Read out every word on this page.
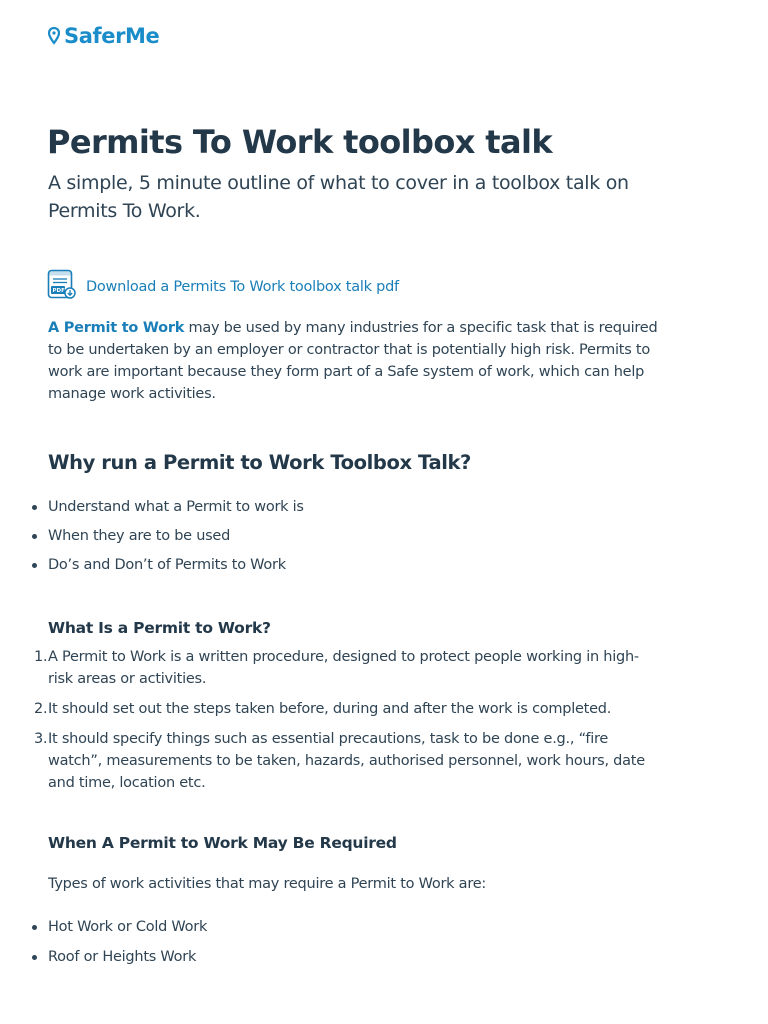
SaferMe
Permits To Work toolbox talk

A simple, 5 minute outline of what to cover in a toolbox talk on Permits To Work.

PDF Download a Permits To Work toolbox talk pdf

A Permit to Work may be used by many industries for a specific task that is required to be undertaken by an employer or contractor that is potentially high risk. Permits to work are important because they form part of a Safe system of work, which can help manage work activities.

Why run a Permit to Work Toolbox Talk?
Understand what a Permit to work is
When they are to be used
Do’s and Don’t of Permits to Work
What Is a Permit to Work?
1. A Permit to Work is a written procedure, designed to protect people working in high-risk areas or activities.
2. It should set out the steps taken before, during and after the work is completed.
3. It should specify things such as essential precautions, task to be done e.g., “fire watch”, measurements to be taken, hazards, authorised personnel, work hours, date and time, location etc.
When A Permit to Work May Be Required

Types of work activities that may require a Permit to Work are:

Hot Work or Cold Work
Roof or Heights Work
